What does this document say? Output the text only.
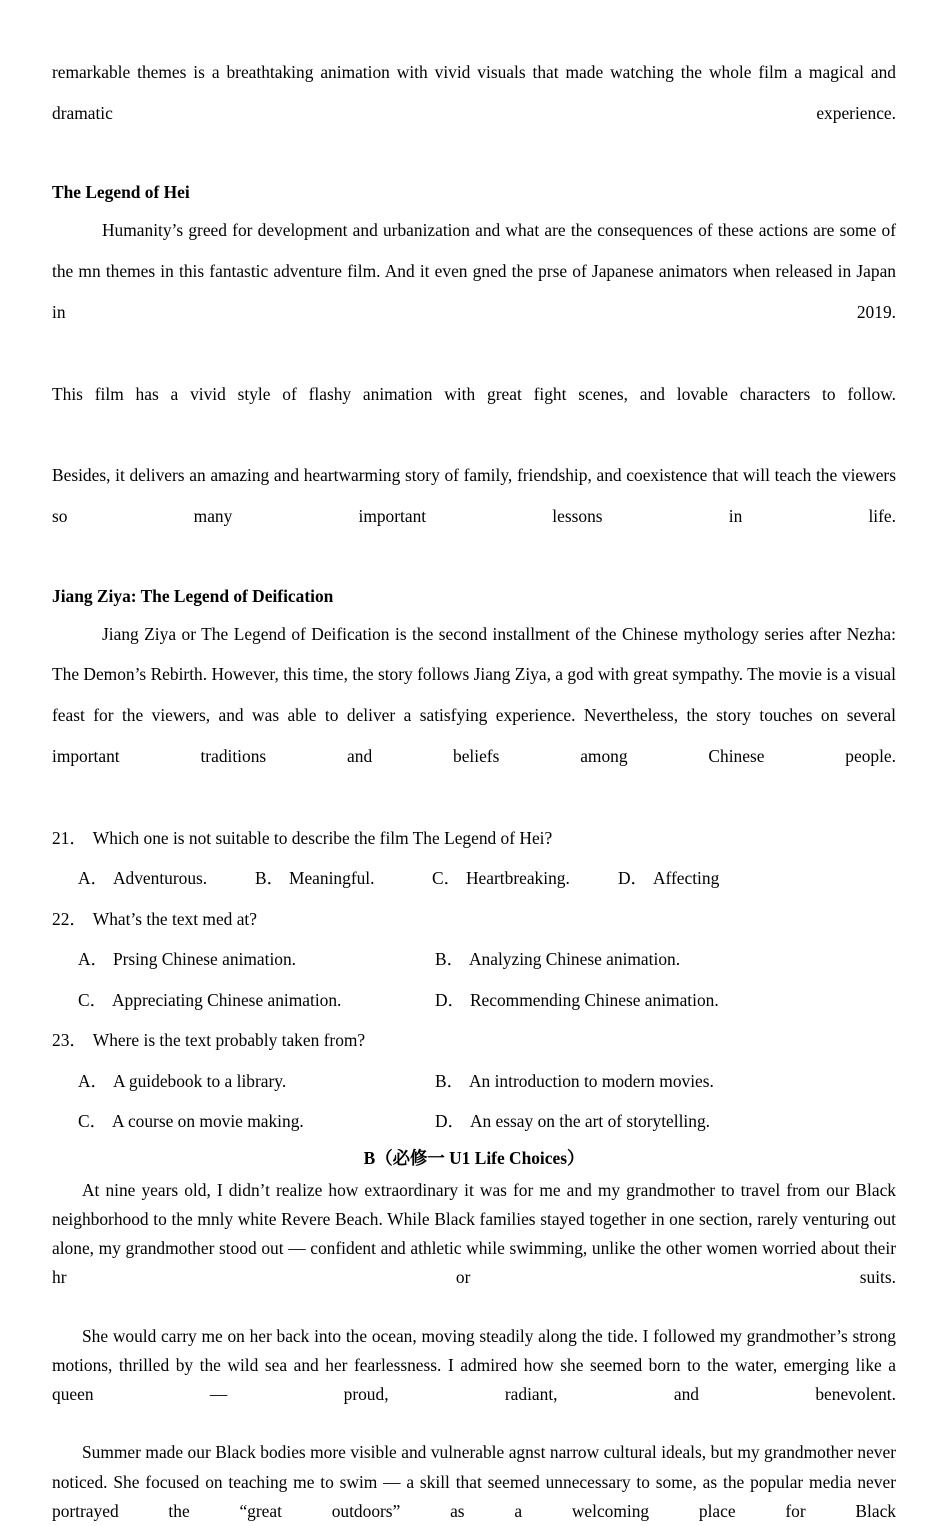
remarkable themes is a breathtaking animation with vivid visuals that made watching the whole film a magical and dramatic experience.

The Legend of Hei

Humanity’s greed for development and urbanization and what are the consequences of these actions are some of the mn themes in this fantastic adventure film. And it even gned the prse of Japanese animators when released in Japan in 2019.

This film has a vivid style of flashy animation with great fight scenes, and lovable characters to follow.

Besides, it delivers an amazing and heartwarming story of family, friendship, and coexistence that will teach the viewers so many important lessons in life.

Jiang Ziya: The Legend of Deification

Jiang Ziya or The Legend of Deification is the second installment of the Chinese mythology series after Nezha: The Demon’s Rebirth. However, this time, the story follows Jiang Ziya, a god with great sympathy. The movie is a visual feast for the viewers, and was able to deliver a satisfying experience. Nevertheless, the story touches on several important traditions and beliefs among Chinese people.

21． Which one is not suitable to describe the film The Legend of Hei?

A． Adventurous.	B． Meaningful.	C． Heartbreaking.	D． Affecting

22． What’s the text med at?

A． Prsing Chinese animation.	B． Analyzing Chinese animation.
C． Appreciating Chinese animation.	D． Recommending Chinese animation.

23． Where is the text probably taken from?

A． A guidebook to a library.	B． An introduction to modern movies.
C． A course on movie making.	D． An essay on the art of storytelling.

B（必修一 U1 Life Choices）

At nine years old, I didn’t realize how extraordinary it was for me and my grandmother to travel from our Black neighborhood to the mnly white Revere Beach. While Black families stayed together in one section, rarely venturing out alone, my grandmother stood out — confident and athletic while swimming, unlike the other women worried about their hr or suits.

She would carry me on her back into the ocean, moving steadily along the tide. I followed my grandmother’s strong motions, thrilled by the wild sea and her fearlessness. I admired how she seemed born to the water, emerging like a queen — proud, radiant, and benevolent.

Summer made our Black bodies more visible and vulnerable agnst narrow cultural ideals, but my grandmother never noticed. She focused on teaching me to swim — a skill that seemed unnecessary to some, as the popular media never portrayed the “great outdoors” as a welcoming place for Black
